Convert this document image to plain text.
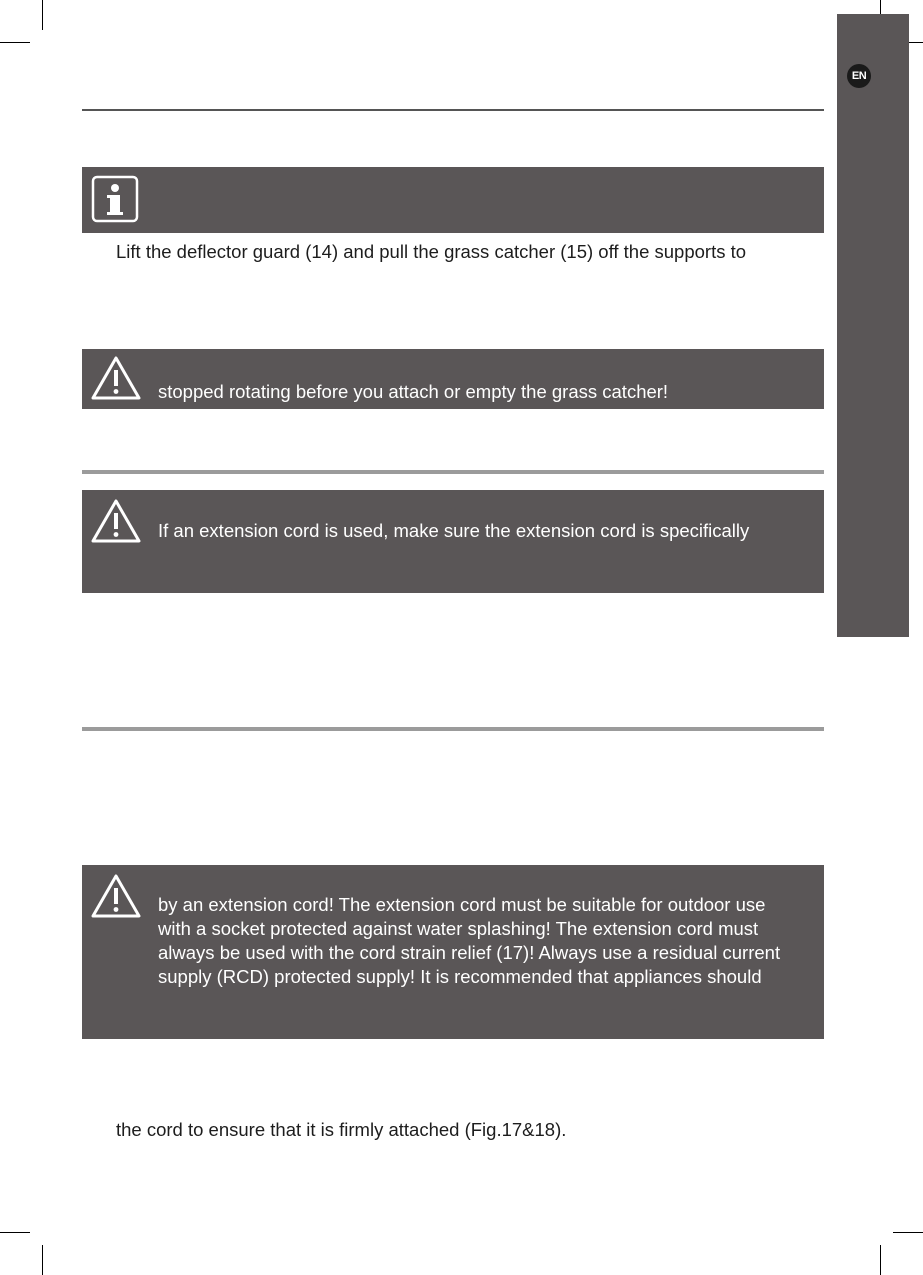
EN
Lift the deflector guard (14) and pull the grass catcher (15) off the supports to
stopped rotating before you attach or empty the grass catcher!
If an extension cord is used, make sure the extension cord is specifically
by an extension cord! The extension cord must be suitable for outdoor use
with a socket protected against water splashing! The extension cord must
always be used with the cord strain relief (17)! Always use a residual current
supply (RCD) protected supply! It is recommended that appliances should
the cord to ensure that it is firmly attached (Fig.17&18).
